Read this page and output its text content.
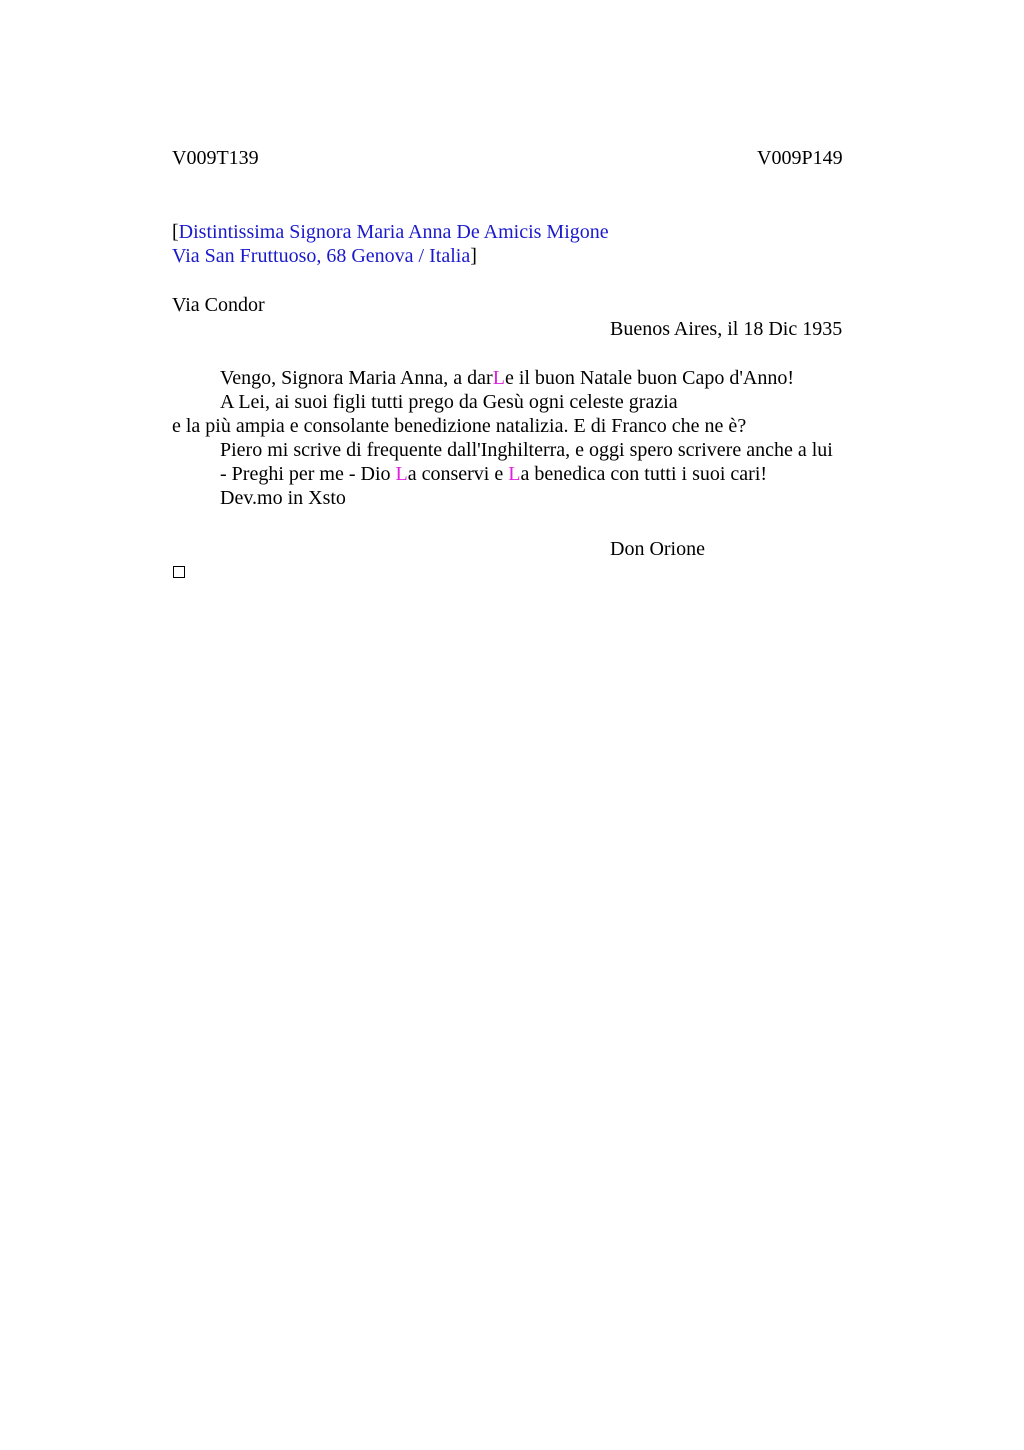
V009T139	V009P149
[Distintissima Signora Maria Anna De Amicis Migone
Via San Fruttuoso, 68 Genova / Italia]
Via Condor
Buenos Aires, il 18 Dic 1935
Vengo, Signora Maria Anna, a darLe il buon Natale buon Capo d'Anno!
A Lei, ai suoi figli tutti prego da Gesù ogni celeste grazia
e la più ampia e consolante benedizione natalizia. E di Franco che ne è?
Piero mi scrive di frequente dall'Inghilterra, e oggi spero scrivere anche a lui
- Preghi per me - Dio La conservi e La benedica con tutti i suoi cari!
Dev.mo in Xsto
Don Orione
